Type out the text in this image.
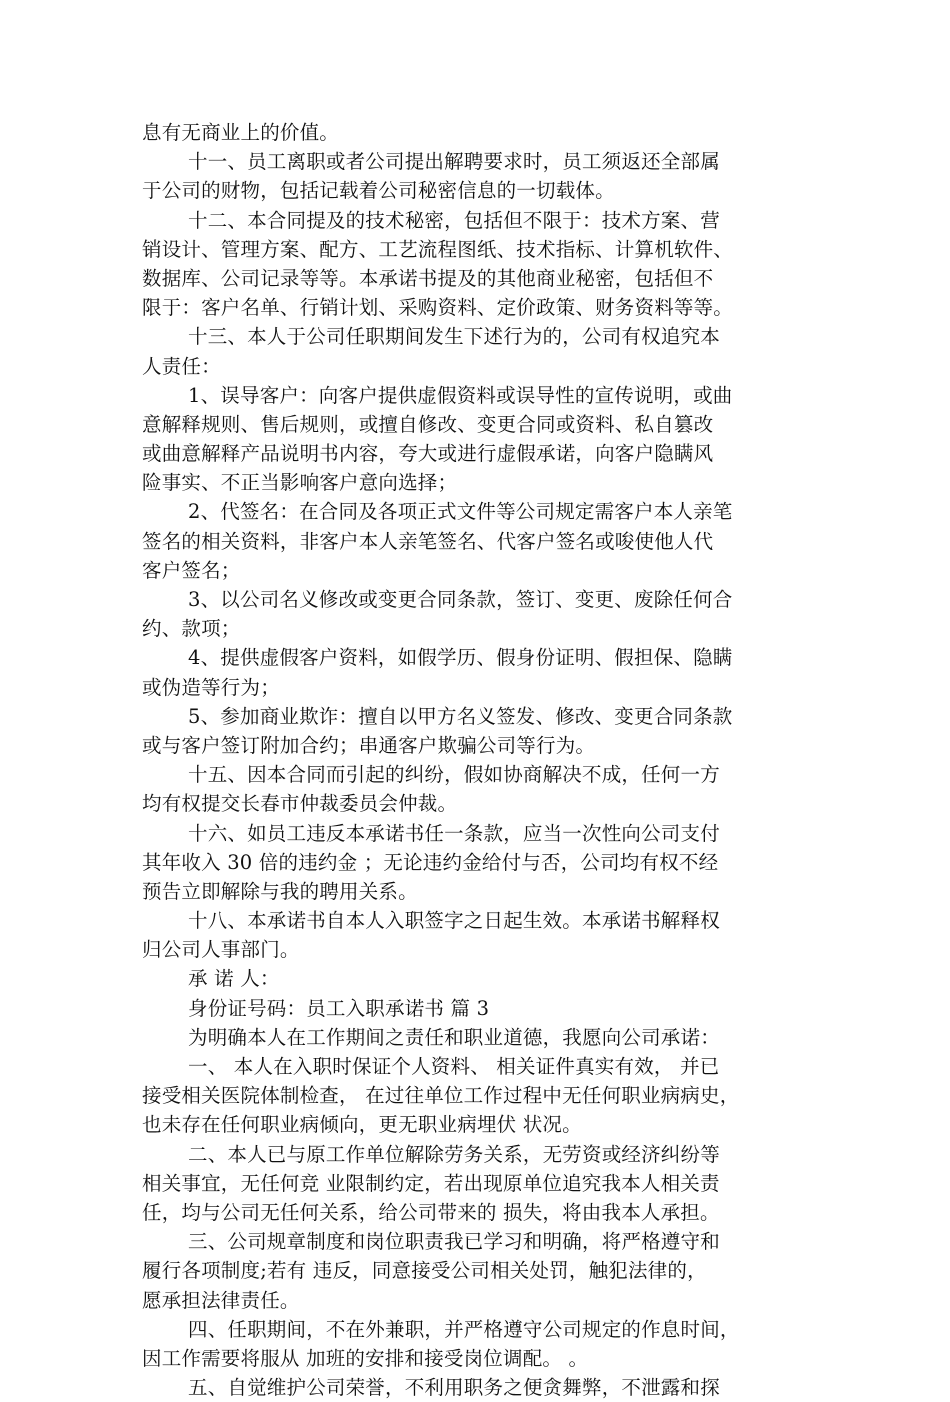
息有无商业上的价值。
十一、员工离职或者公司提出解聘要求时，员工须返还全部属
于公司的财物，包括记载着公司秘密信息的一切载体。
十二、本合同提及的技术秘密，包括但不限于：技术方案、营
销设计、管理方案、配方、工艺流程图纸、技术指标、计算机软件、
数据库、公司记录等等。本承诺书提及的其他商业秘密，包括但不
限于：客户名单、行销计划、采购资料、定价政策、财务资料等等。
十三、本人于公司任职期间发生下述行为的，公司有权追究本
人责任：
1、误导客户：向客户提供虚假资料或误导性的宣传说明，或曲
意解释规则、售后规则，或擅自修改、变更合同或资料、私自篡改
或曲意解释产品说明书内容，夸大或进行虚假承诺，向客户隐瞒风
险事实、不正当影响客户意向选择；
2、代签名：在合同及各项正式文件等公司规定需客户本人亲笔
签名的相关资料，非客户本人亲笔签名、代客户签名或唆使他人代
客户签名；
3、以公司名义修改或变更合同条款，签订、变更、废除任何合
约、款项；
4、提供虚假客户资料，如假学历、假身份证明、假担保、隐瞒
或伪造等行为；
5、参加商业欺诈：擅自以甲方名义签发、修改、变更合同条款
或与客户签订附加合约；串通客户欺骗公司等行为。
十五、因本合同而引起的纠纷，假如协商解决不成，任何一方
均有权提交长春市仲裁委员会仲裁。
十六、如员工违反本承诺书任一条款，应当一次性向公司支付
其年收入 30 倍的违约金 ；无论违约金给付与否，公司均有权不经
预告立即解除与我的聘用关系。
十八、本承诺书自本人入职签字之日起生效。本承诺书解释权
归公司人事部门。
承 诺 人：
身份证号码：员工入职承诺书 篇 3
为明确本人在工作期间之责任和职业道德，我愿向公司承诺：
一、 本人在入职时保证个人资料、 相关证件真实有效， 并已
接受相关医院体制检查， 在过往单位工作过程中无任何职业病病史，
也未存在任何职业病倾向，更无职业病埋伏 状况。
二、本人已与原工作单位解除劳务关系，无劳资或经济纠纷等
相关事宜，无任何竞 业限制约定，若出现原单位追究我本人相关责
任，均与公司无任何关系，给公司带来的 损失，将由我本人承担。
三、公司规章制度和岗位职责我已学习和明确，将严格遵守和
履行各项制度;若有 违反，同意接受公司相关处罚，触犯法律的，
愿承担法律责任。
四、任职期间，不在外兼职，并严格遵守公司规定的作息时间，
因工作需要将服从 加班的安排和接受岗位调配。 。
五、自觉维护公司荣誉，不利用职务之便贪舞弊，不泄露和探
